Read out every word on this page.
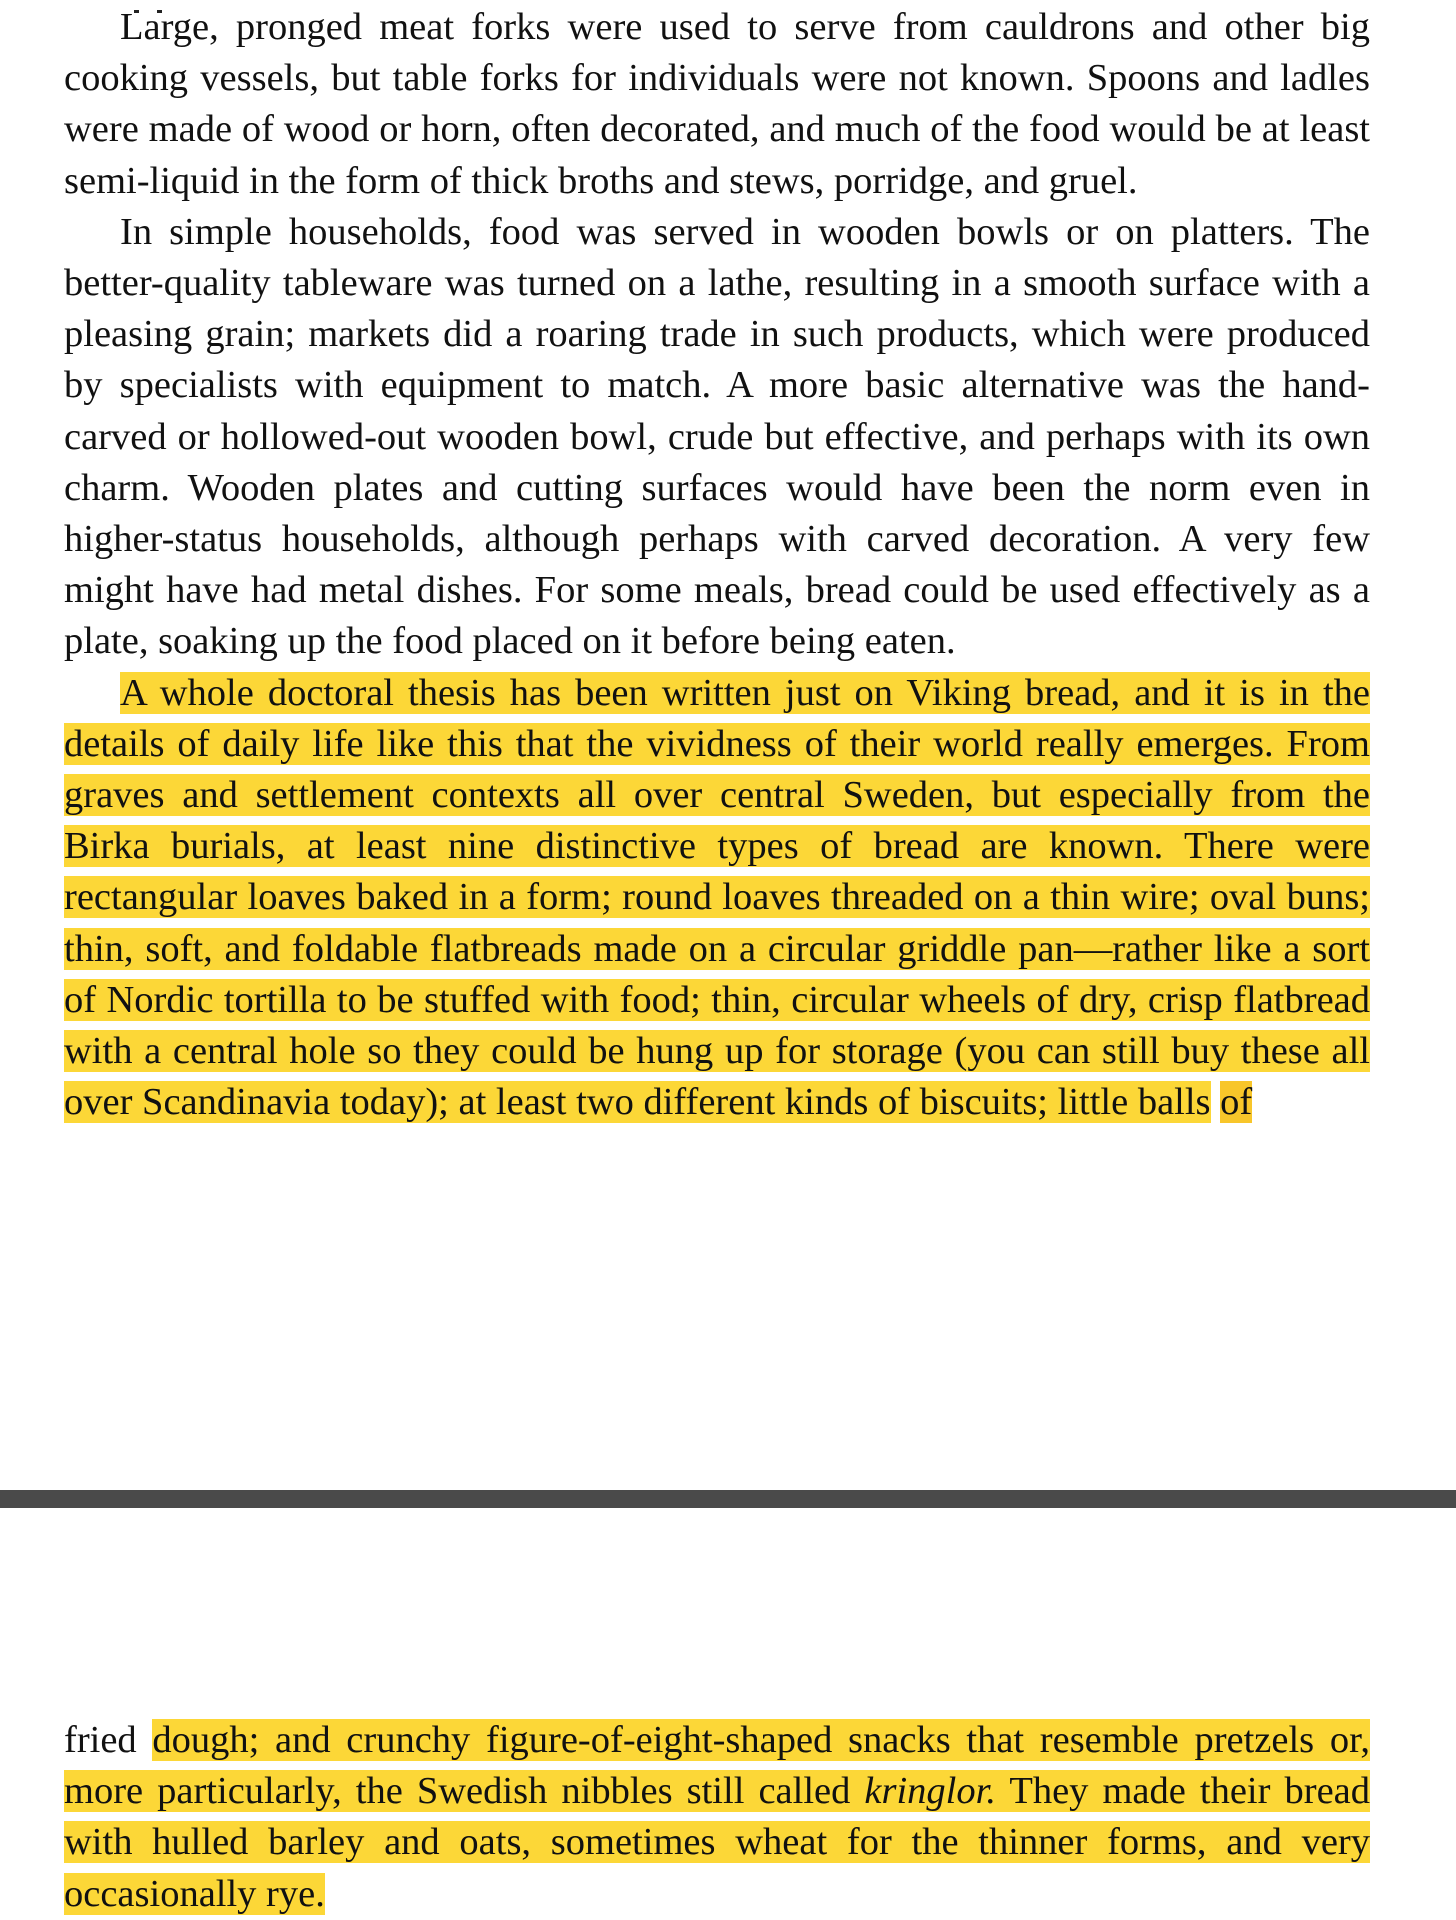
Large, pronged meat forks were used to serve from cauldrons and other big cooking vessels, but table forks for individuals were not known. Spoons and ladles were made of wood or horn, often decorated, and much of the food would be at least semi-liquid in the form of thick broths and stews, porridge, and gruel.

In simple households, food was served in wooden bowls or on platters. The better-quality tableware was turned on a lathe, resulting in a smooth surface with a pleasing grain; markets did a roaring trade in such products, which were produced by specialists with equipment to match. A more basic alternative was the hand-carved or hollowed-out wooden bowl, crude but effective, and perhaps with its own charm. Wooden plates and cutting surfaces would have been the norm even in higher-status households, although perhaps with carved decoration. A very few might have had metal dishes. For some meals, bread could be used effectively as a plate, soaking up the food placed on it before being eaten.

A whole doctoral thesis has been written just on Viking bread, and it is in the details of daily life like this that the vividness of their world really emerges. From graves and settlement contexts all over central Sweden, but especially from the Birka burials, at least nine distinctive types of bread are known. There were rectangular loaves baked in a form; round loaves threaded on a thin wire; oval buns; thin, soft, and foldable flatbreads made on a circular griddle pan—rather like a sort of Nordic tortilla to be stuffed with food; thin, circular wheels of dry, crisp flatbread with a central hole so they could be hung up for storage (you can still buy these all over Scandinavia today); at least two different kinds of biscuits; little balls of

fried dough; and crunchy figure-of-eight-shaped snacks that resemble pretzels or, more particularly, the Swedish nibbles still called kringlor. They made their bread with hulled barley and oats, sometimes wheat for the thinner forms, and very occasionally rye.
